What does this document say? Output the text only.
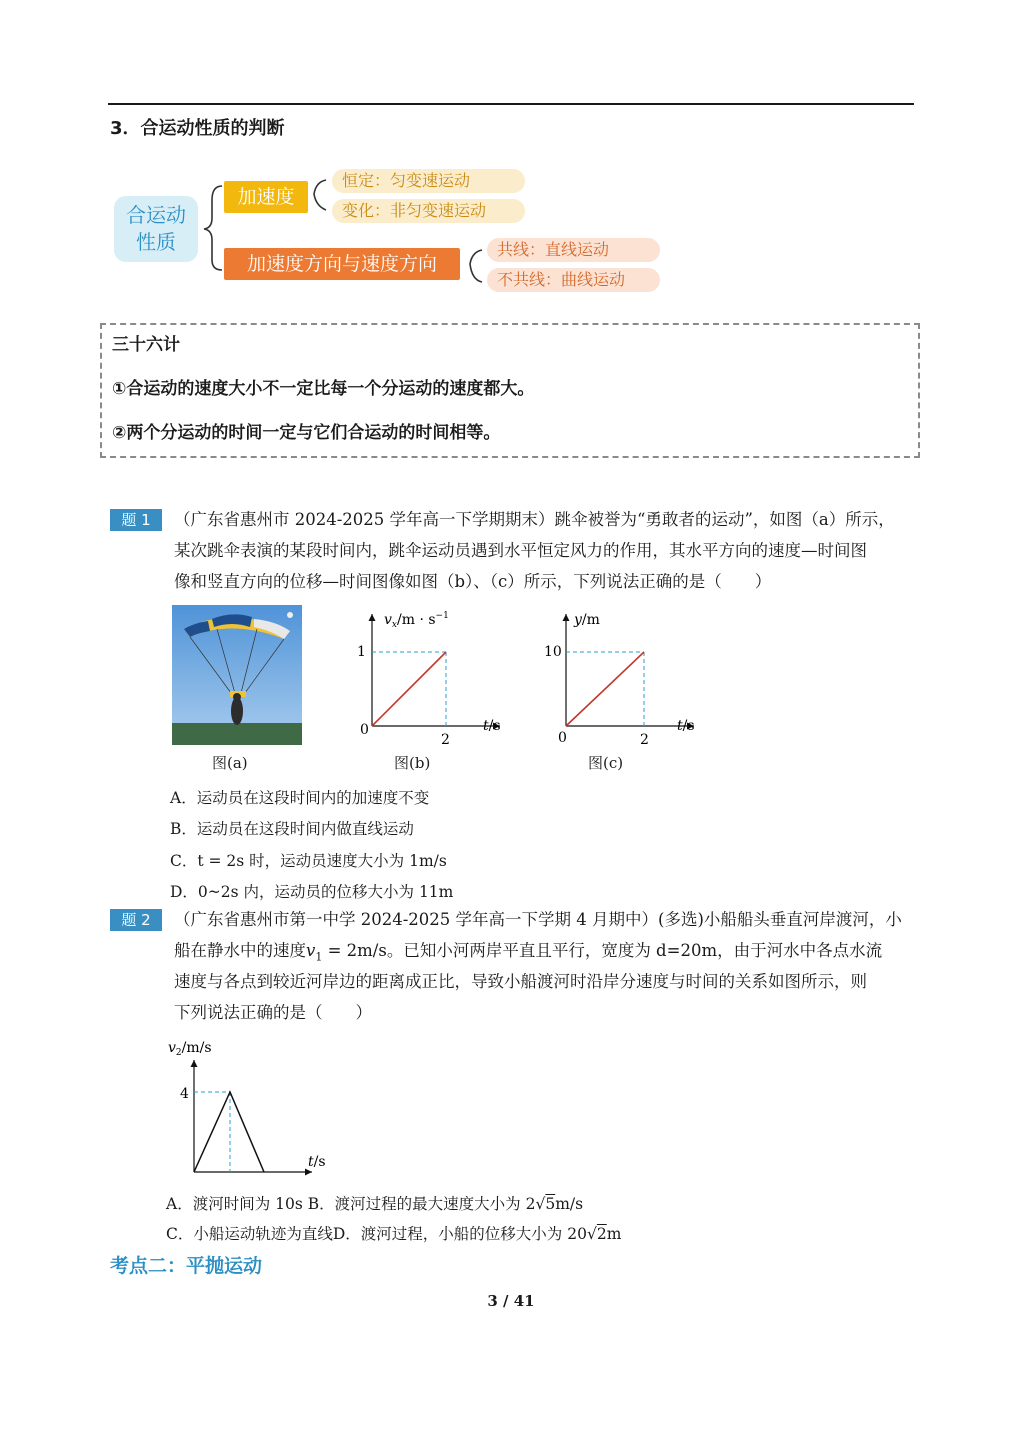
3．合运动性质的判断
合运动
性质
加速度
恒定：匀变速运动
变化：非匀变速运动
加速度方向与速度方向
共线：直线运动
不共线：曲线运动
三十六计
①合运动的速度大小不一定比每一个分运动的速度都大。
②两个分运动的时间一定与它们合运动的时间相等。
题 1	（广东省惠州市 2024-2025 学年高一下学期期末）跳伞被誉为“勇敢者的运动”，如图（a）所示，
某次跳伞表演的某段时间内，跳伞运动员遇到水平恒定风力的作用，其水平方向的速度—时间图
像和竖直方向的位移—时间图像如图（b）、（c）所示，下列说法正确的是（　　）
图(a)
$v_x/m \cdot s^{-1}$
1
0
2
t/s
图(b)
y/m
10
0	2
t/s
图(c)
A．运动员在这段时间内的加速度不变
B．运动员在这段时间内做直线运动
C．t = 2s 时，运动员速度大小为 1m/s
D．0~2s 内，运动员的位移大小为 11m
题 2	（广东省惠州市第一中学 2024-2025 学年高一下学期 4 月期中）(多选)小船船头垂直河岸渡河，小
船在静水中的速度$v_1 = 2m/s$。已知小河两岸平直且平行，宽度为 d=20m，由于河水中各点水流
速度与各点到较近河岸边的距离成正比，导致小船渡河时沿岸分速度与时间的关系如图所示，则
下列说法正确的是（　　）
$v_2/m/s$
4
t/s
A．渡河时间为 10s B．渡河过程的最大速度大小为 2√5m/s
C．小船运动轨迹为直线D．渡河过程，小船的位移大小为 20√2m
考点二：平抛运动
3 / 41
